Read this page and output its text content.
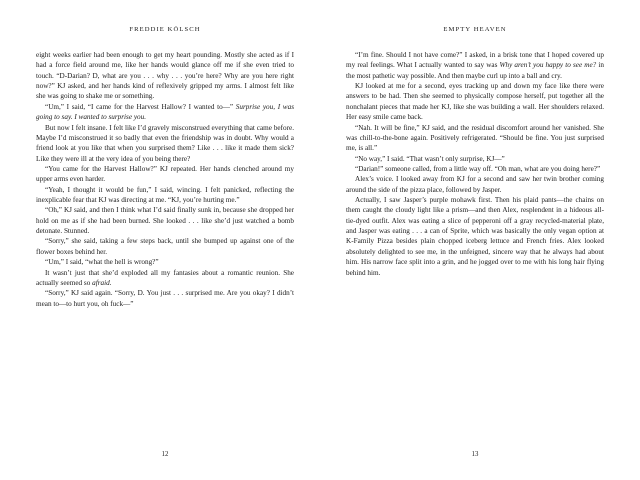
FREDDIE KÖLSCH

eight weeks earlier had been enough to get my heart pounding. Mostly she acted as if I had a force field around me, like her hands would glance off me if she even tried to touch. “D-Darian? D, what are you . . . why . . . you’re here? Why are you here right now?” KJ asked, and her hands kind of reflexively gripped my arms. I almost felt like she was going to shake me or something.

“Um,” I said, “I came for the Harvest Hallow? I wanted to—” Surprise you, I was going to say. I wanted to surprise you.

But now I felt insane. I felt like I’d gravely misconstrued everything that came before. Maybe I’d misconstrued it so badly that even the friendship was in doubt. Why would a friend look at you like that when you surprised them? Like . . . like it made them sick? Like they were ill at the very idea of you being there?

“You came for the Harvest Hallow?” KJ repeated. Her hands clenched around my upper arms even harder.

“Yeah, I thought it would be fun,” I said, wincing. I felt panicked, reflecting the inexplicable fear that KJ was directing at me. “KJ, you’re hurting me.”

“Oh,” KJ said, and then I think what I’d said finally sunk in, because she dropped her hold on me as if she had been burned. She looked . . . like she’d just watched a bomb detonate. Stunned.

“Sorry,” she said, taking a few steps back, until she bumped up against one of the flower boxes behind her.

“Um,” I said, “what the hell is wrong?”

It wasn’t just that she’d exploded all my fantasies about a romantic reunion. She actually seemed so afraid.

“Sorry,” KJ said again. “Sorry, D. You just . . . surprised me. Are you okay? I didn’t mean to—to hurt you, oh fuck—”

12
EMPTY HEAVEN

“I’m fine. Should I not have come?” I asked, in a brisk tone that I hoped covered up my real feelings. What I actually wanted to say was Why aren’t you happy to see me? in the most pathetic way possible. And then maybe curl up into a ball and cry.

KJ looked at me for a second, eyes tracking up and down my face like there were answers to be had. Then she seemed to physically compose herself, put together all the nonchalant pieces that made her KJ, like she was building a wall. Her shoulders relaxed. Her easy smile came back.

“Nah. It will be fine,” KJ said, and the residual discomfort around her vanished. She was chill-to-the-bone again. Positively refrigerated. “Should be fine. You just surprised me, is all.”

“No way,” I said. “That wasn’t only surprise, KJ—”

“Darian!” someone called, from a little way off. “Oh man, what are you doing here?”

Alex’s voice. I looked away from KJ for a second and saw her twin brother coming around the side of the pizza place, followed by Jasper.

Actually, I saw Jasper’s purple mohawk first. Then his plaid pants—the chains on them caught the cloudy light like a prism—and then Alex, resplendent in a hideous all-tie-dyed outfit. Alex was eating a slice of pepperoni off a gray recycled-material plate, and Jasper was eating . . . a can of Sprite, which was basically the only vegan option at K-Family Pizza besides plain chopped iceberg lettuce and French fries. Alex looked absolutely delighted to see me, in the unfeigned, sincere way that he always had about him. His narrow face split into a grin, and he jogged over to me with his long hair flying behind him.

13
